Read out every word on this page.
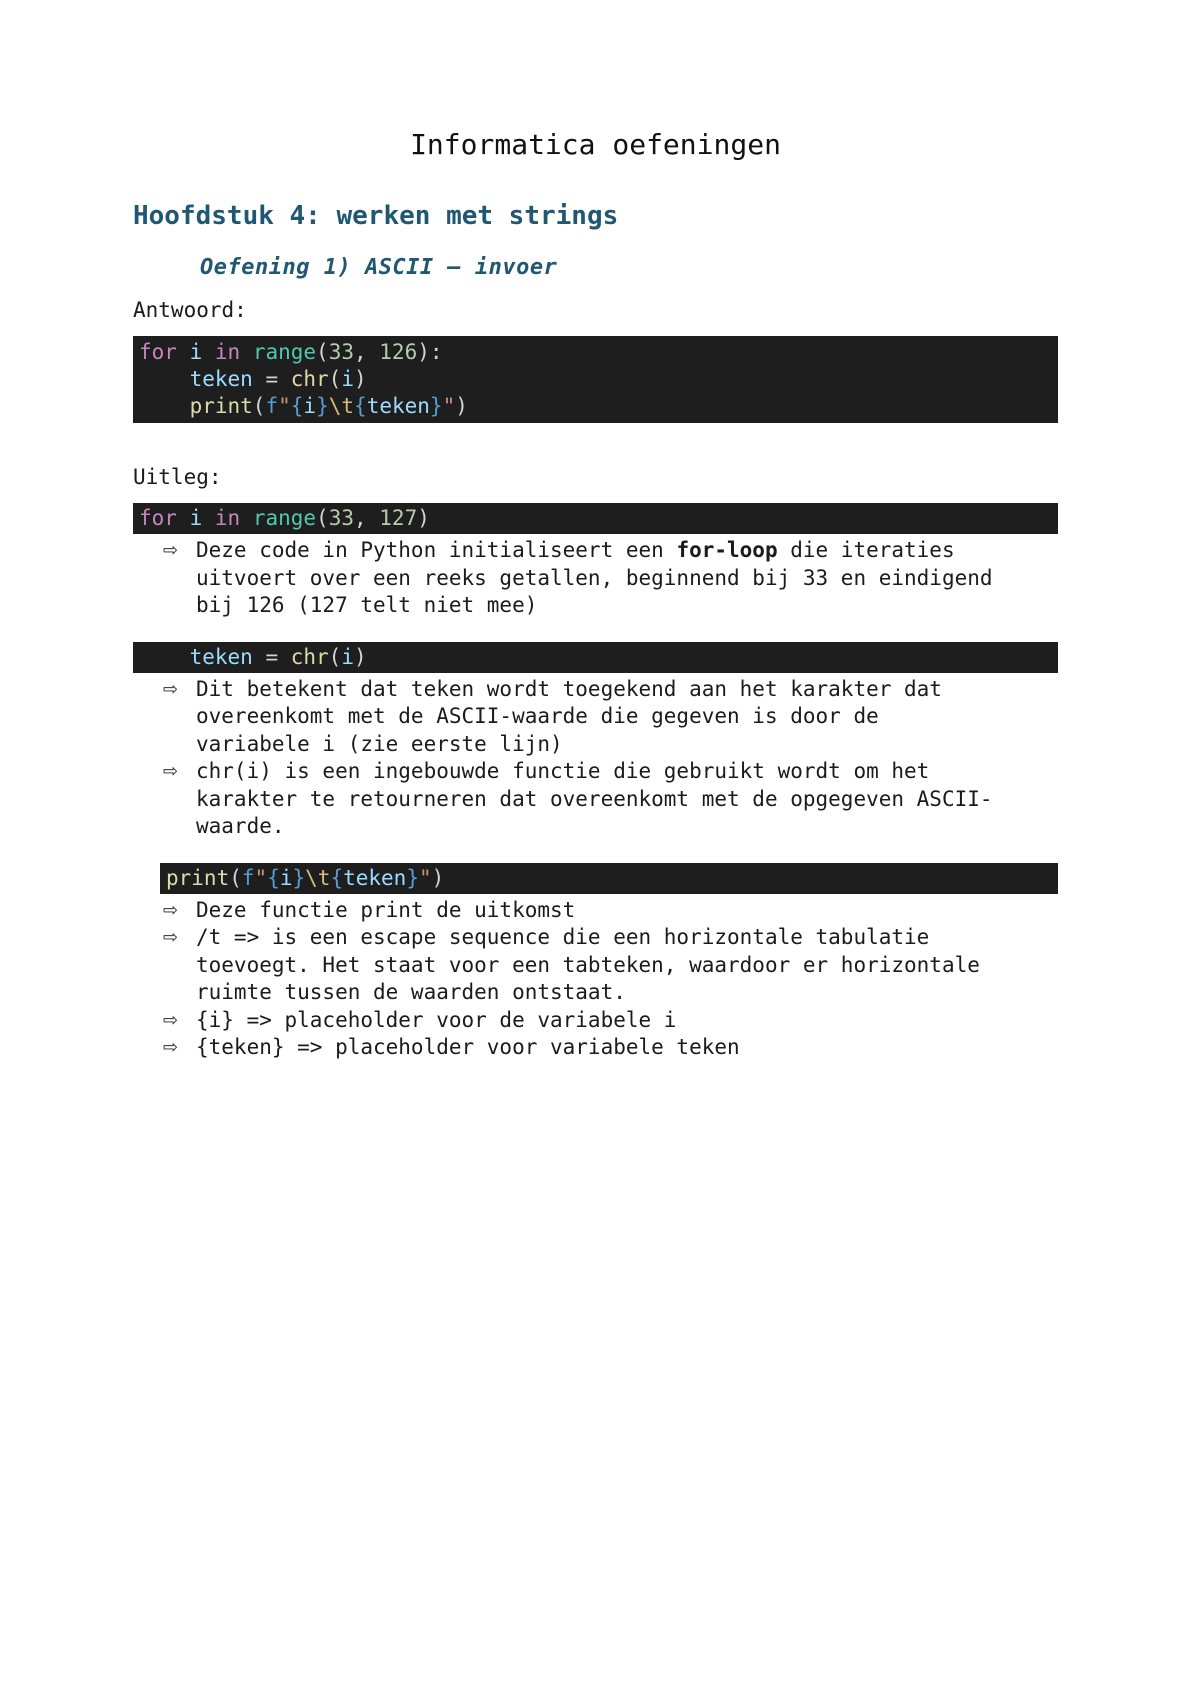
Informatica oefeningen
Hoofdstuk 4: werken met strings
Oefening 1) ASCII — invoer

Antwoord:

for i in range(33, 126):
teken = chr(i)
print(f"{i}\t{teken}")

Uitleg:

for i in range(33, 127)
⇨ Deze code in Python initialiseert een for-loop die iteraties uitvoert over een reeks getallen, beginnend bij 33 en eindigend bij 126 (127 telt niet mee)
teken = chr(i)
⇨ Dit betekent dat teken wordt toegekend aan het karakter dat overeenkomt met de ASCII-waarde die gegeven is door de variabele i (zie eerste lijn)
⇨ chr(i) is een ingebouwde functie die gebruikt wordt om het karakter te retourneren dat overeenkomt met de opgegeven ASCII-waarde.
print(f"{i}\t{teken}")
⇨ Deze functie print de uitkomst
⇨ /t => is een escape sequence die een horizontale tabulatie toevoegt. Het staat voor een tabteken, waardoor er horizontale ruimte tussen de waarden ontstaat.
⇨ {i} => placeholder voor de variabele i
⇨ {teken} => placeholder voor variabele teken
